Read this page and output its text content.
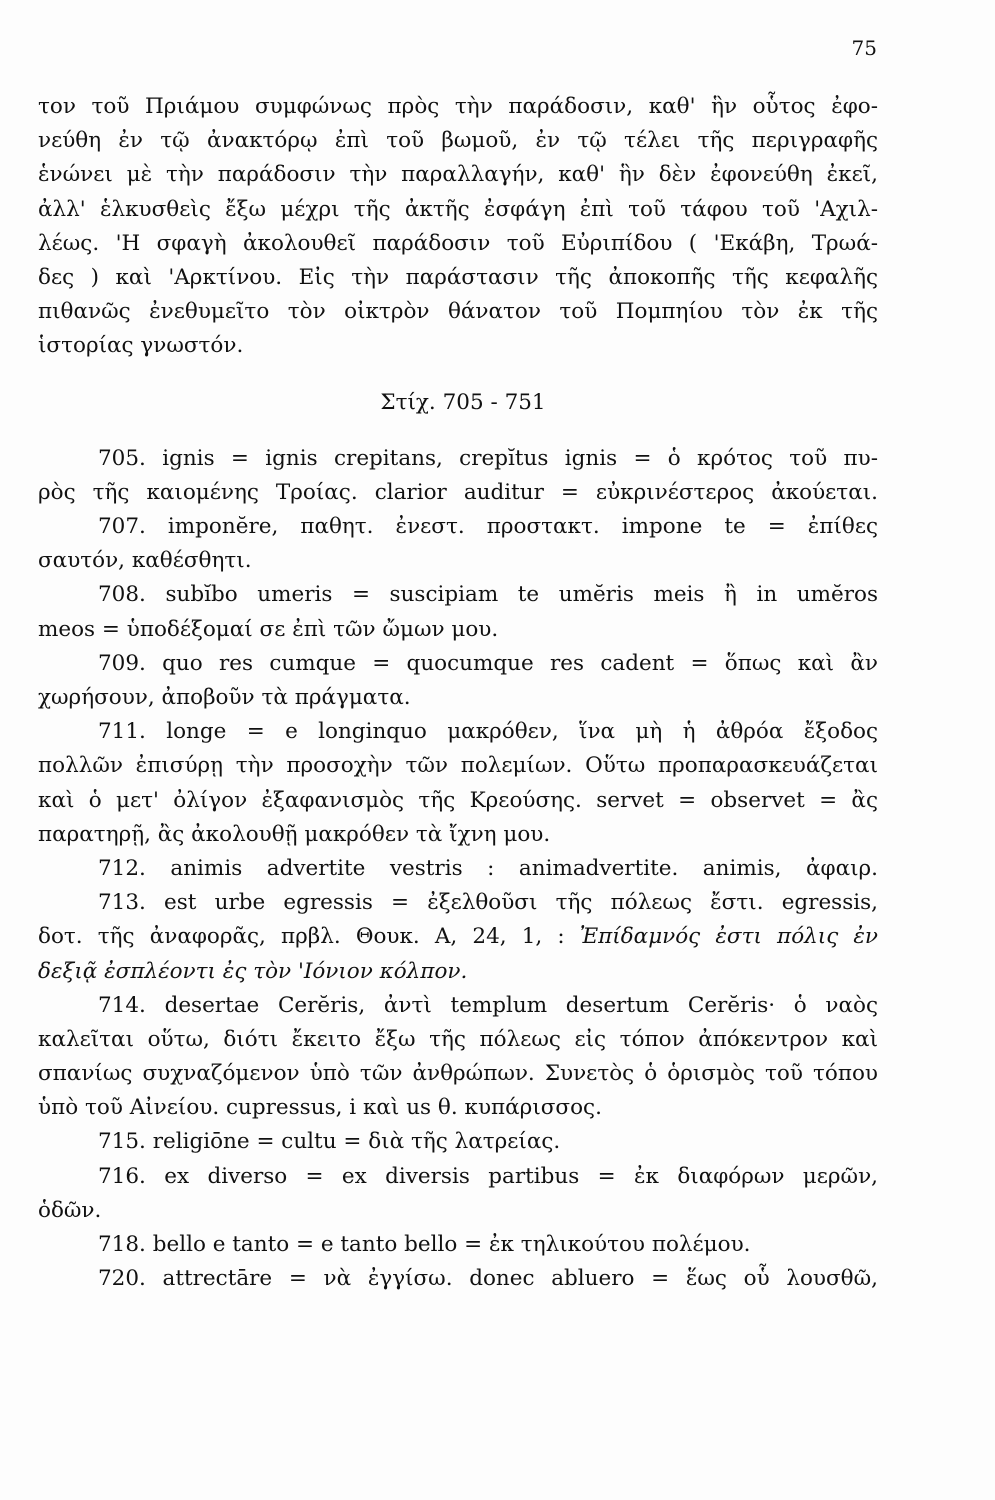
75
τον τοῦ Πριάμου συμφώνως πρὸς τὴν παράδοσιν, καθ' ἣν οὗτος ἐφο-
νεύθη ἐν τῷ ἀνακτόρῳ ἐπὶ τοῦ βωμοῦ, ἐν τῷ τέλει τῆς περιγραφῆς
ἑνώνει μὲ τὴν παράδοσιν τὴν παραλλαγήν, καθ' ἣν δὲν ἐφονεύθη ἐκεῖ,
ἀλλ' ἑλκυσθεὶς ἔξω μέχρι τῆς ἀκτῆς ἐσφάγη ἐπὶ τοῦ τάφου τοῦ 'Αχιλ-
λέως. 'Η σφαγὴ ἀκολουθεῖ παράδοσιν τοῦ Εὐριπίδου ( 'Εκάβη, Τρωά-
δες ) καὶ 'Αρκτίνου. Εἰς τὴν παράστασιν τῆς ἀποκοπῆς τῆς κεφαλῆς
πιθανῶς ἐνεθυμεῖτο τὸν οἰκτρὸν θάνατον τοῦ Πομπηίου τὸν ἐκ τῆς
ἱστορίας γνωστόν.
Στίχ. 705 - 751
705. ignis = ignis crepitans, crepĭtus ignis = ὁ κρότος τοῦ πυ-
ρὸς τῆς καιομένης Τροίας. clarior auditur = εὐκρινέστερος ἀκούεται.
707. imponĕre, παθητ. ἐνεστ. προστακτ. impone te = ἐπίθες
σαυτόν, καθέσθητι.
708. subĭbo umeris = suscipiam te umĕris meis ἢ in umĕros
meos = ὑποδέξομαί σε ἐπὶ τῶν ὤμων μου.
709. quo res cumque = quocumque res cadent = ὅπως καὶ ἂν
χωρήσουν, ἀποβοῦν τὰ πράγματα.
711. longe = e longinquo μακρόθεν, ἵνα μὴ ἡ ἀθρόα ἔξοδος
πολλῶν ἐπισύρῃ τὴν προσοχὴν τῶν πολεμίων. Οὕτω προπαρασκευάζεται
καὶ ὁ μετ' ὀλίγον ἐξαφανισμὸς τῆς Κρεούσης. servet = observet = ἂς
παρατηρῇ, ἂς ἀκολουθῇ μακρόθεν τὰ ἴχνη μου.
712. animis advertite vestris : animadvertite. animis, ἀφαιρ.
713. est urbe egressis = ἐξελθοῦσι τῆς πόλεως ἔστι. egressis,
δοτ. τῆς ἀναφορᾶς, πρβλ. Θουκ. Α, 24, 1, : Ἐπίδαμνός ἐστι πόλις ἐν
δεξιᾷ ἐσπλέοντι ἐς τὸν 'Ιόνιον κόλπον.
714. desertae Cerĕris, ἀντὶ templum desertum Cerĕris· ὁ ναὸς
καλεῖται οὕτω, διότι ἔκειτο ἔξω τῆς πόλεως εἰς τόπον ἀπόκεντρον καὶ
σπανίως συχναζόμενον ὑπὸ τῶν ἀνθρώπων. Συνετὸς ὁ ὁρισμὸς τοῦ τόπου
ὑπὸ τοῦ Αἰνείου. cupressus, i καὶ us θ. κυπάρισσος.
715. religiōne = cultu = διὰ τῆς λατρείας.
716. ex diverso = ex diversis partibus = ἐκ διαφόρων μερῶν,
ὁδῶν.
718. bello e tanto = e tanto bello = ἐκ τηλικούτου πολέμου.
720. attrectāre = νὰ ἐγγίσω. donec abluero = ἕως οὗ λουσθῶ,
